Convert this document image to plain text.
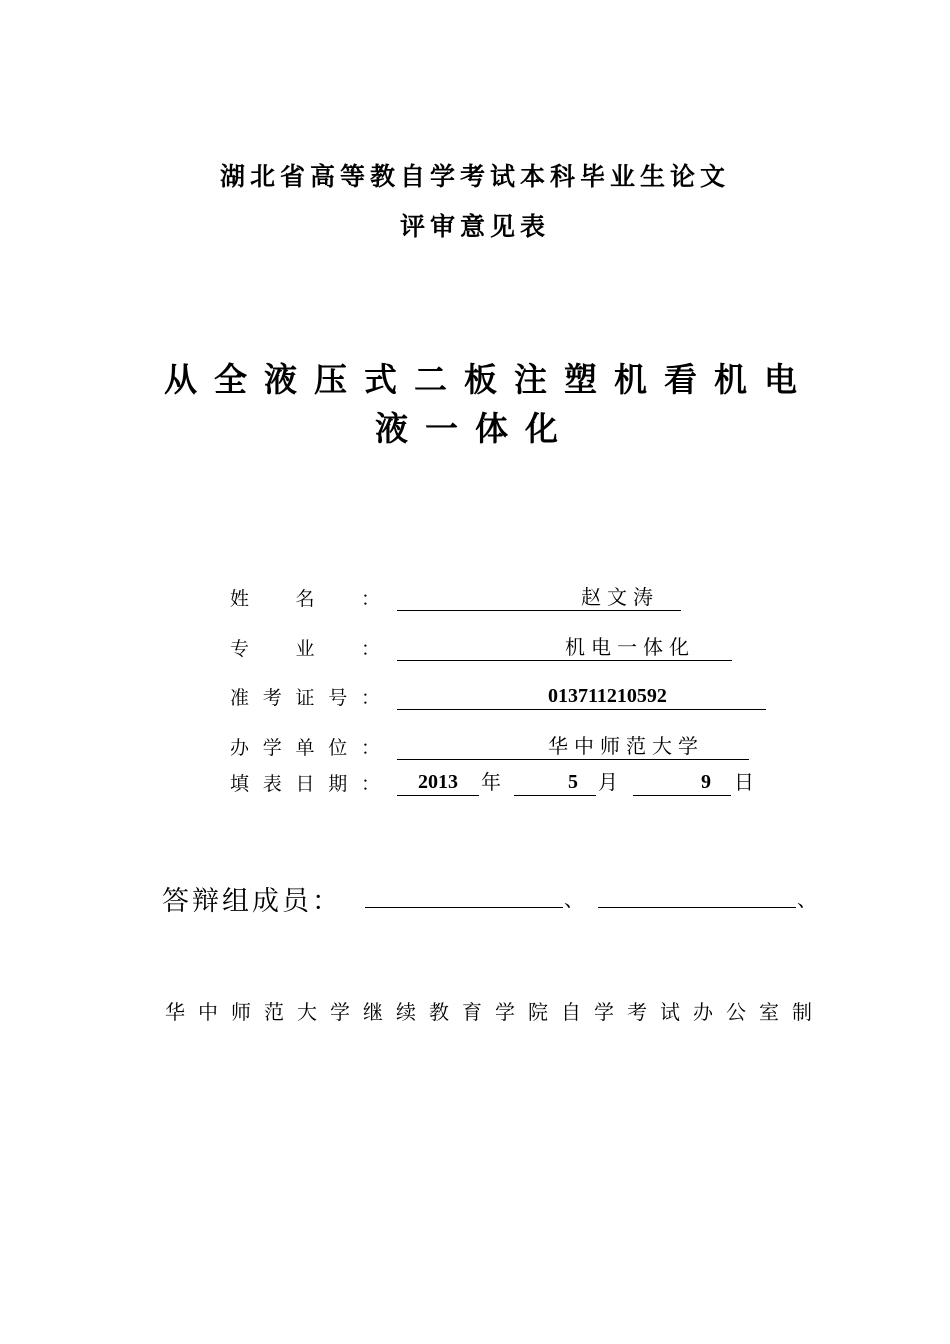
湖北省高等教自学考试本科毕业生论文
评审意见表
从全液压式二板注塑机看机电
液一体化
姓 名 ：	赵文涛
专 业 ：	机电一体化
准 考 证 号 ：	013711210592
办 学 单 位 ：	华中师范大学
填 表 日 期 ：	2013	年	5	月	9	日
答辩组成员：	、	、
华中师范大学继续教育学院自学考试办公室制
